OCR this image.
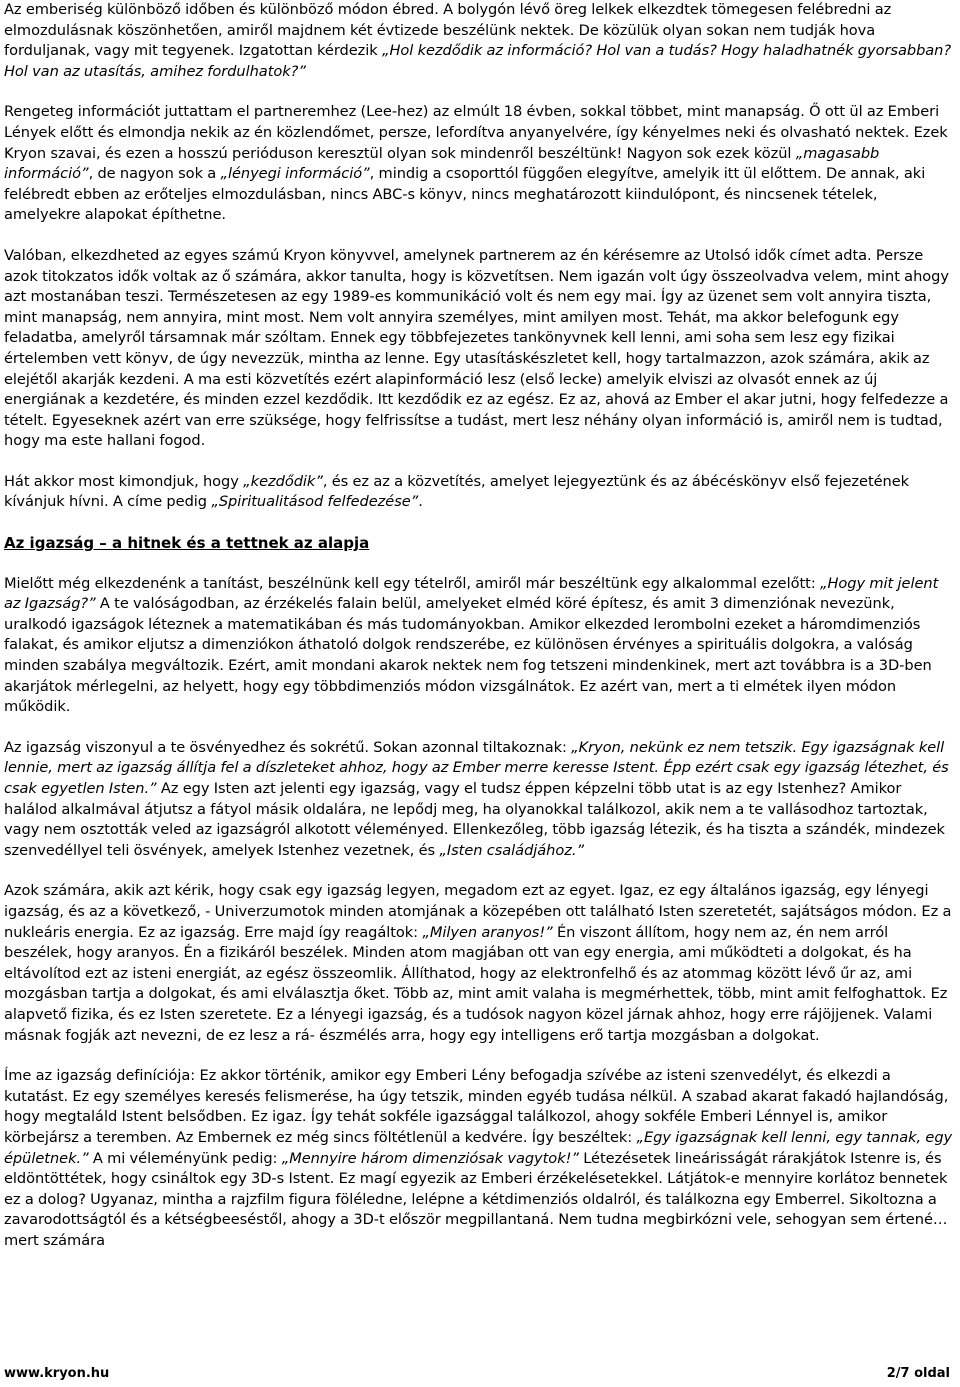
Az emberiség különböző időben és különböző módon ébred. A bolygón lévő öreg lelkek elkezdtek tömegesen felébredni az elmozdulásnak köszönhetően, amiről majdnem két évtizede beszélünk nektek. De közülük olyan sokan nem tudják hova forduljanak, vagy mit tegyenek. Izgatottan kérdezik „Hol kezdődik az információ? Hol van a tudás? Hogy haladhatnék gyorsabban? Hol van az utasítás, amihez fordulhatok?”

Rengeteg információt juttattam el partneremhez (Lee-hez) az elmúlt 18 évben, sokkal többet, mint manapság. Ő ott ül az Emberi Lények előtt és elmondja nekik az én közlendőmet, persze, lefordítva anyanyelvére, így kényelmes neki és olvasható nektek. Ezek Kryon szavai, és ezen a hosszú perióduson keresztül olyan sok mindenről beszéltünk! Nagyon sok ezek közül „magasabb információ”, de nagyon sok a „lényegi információ”, mindig a csoporttól függően elegyítve, amelyik itt ül előttem. De annak, aki felébredt ebben az erőteljes elmozdulásban, nincs ABC-s könyv, nincs meghatározott kiindulópont, és nincsenek tételek, amelyekre alapokat építhetne.

Valóban, elkezdheted az egyes számú Kryon könyvvel, amelynek partnerem az én kérésemre az Utolsó idők címet adta. Persze azok titokzatos idők voltak az ő számára, akkor tanulta, hogy is közvetítsen. Nem igazán volt úgy összeolvadva velem, mint ahogy azt mostanában teszi. Természetesen az egy 1989-es kommunikáció volt és nem egy mai. Így az üzenet sem volt annyira tiszta, mint manapság, nem annyira, mint most. Nem volt annyira személyes, mint amilyen most. Tehát, ma akkor belefogunk egy feladatba, amelyről társamnak már szóltam. Ennek egy többfejezetes tankönyvnek kell lenni, ami soha sem lesz egy fizikai értelemben vett könyv, de úgy nevezzük, mintha az lenne. Egy utasításkészletet kell, hogy tartalmazzon, azok számára, akik az elejétől akarják kezdeni. A ma esti közvetítés ezért alapinformáció lesz (első lecke) amelyik elviszi az olvasót ennek az új energiának a kezdetére, és minden ezzel kezdődik. Itt kezdődik ez az egész. Ez az, ahová az Ember el akar jutni, hogy felfedezze a tételt. Egyeseknek azért van erre szüksége, hogy felfrissítse a tudást, mert lesz néhány olyan információ is, amiről nem is tudtad, hogy ma este hallani fogod.

Hát akkor most kimondjuk, hogy „kezdődik”, és ez az a közvetítés, amelyet lejegyeztünk és az ábécéskönyv első fejezetének kívánjuk hívni. A címe pedig „Spiritualitásod felfedezése”.

Az igazság – a hitnek és a tettnek az alapja

Mielőtt még elkezdenénk a tanítást, beszélnünk kell egy tételről, amiről már beszéltünk egy alkalommal ezelőtt: „Hogy mit jelent az Igazság?” A te valóságodban, az érzékelés falain belül, amelyeket elméd köré építesz, és amit 3 dimenziónak nevezünk, uralkodó igazságok léteznek a matematikában és más tudományokban. Amikor elkezded lerombolni ezeket a háromdimenziós falakat, és amikor eljutsz a dimenziókon áthatoló dolgok rendszerébe, ez különösen érvényes a spirituális dolgokra, a valóság minden szabálya megváltozik. Ezért, amit mondani akarok nektek nem fog tetszeni mindenkinek, mert azt továbbra is a 3D-ben akarjátok mérlegelni, az helyett, hogy egy többdimenziós módon vizsgálnátok. Ez azért van, mert a ti elmétek ilyen módon működik.

Az igazság viszonyul a te ösvényedhez és sokrétű. Sokan azonnal tiltakoznak: „Kryon, nekünk ez nem tetszik. Egy igazságnak kell lennie, mert az igazság állítja fel a díszleteket ahhoz, hogy az Ember merre keresse Istent. Épp ezért csak egy igazság létezhet, és csak egyetlen Isten.” Az egy Isten azt jelenti egy igazság, vagy el tudsz éppen képzelni több utat is az egy Istenhez? Amikor halálod alkalmával átjutsz a fátyol másik oldalára, ne lepődj meg, ha olyanokkal találkozol, akik nem a te vallásodhoz tartoztak, vagy nem osztották veled az igazságról alkotott véleményed. Ellenkezőleg, több igazság létezik, és ha tiszta a szándék, mindezek szenvedéllyel teli ösvények, amelyek Istenhez vezetnek, és „Isten családjához.”

Azok számára, akik azt kérik, hogy csak egy igazság legyen, megadom ezt az egyet. Igaz, ez egy általános igazság, egy lényegi igazság, és az a következő, - Univerzumotok minden atomjának a közepében ott található Isten szeretetét, sajátságos módon. Ez a nukleáris energia. Ez az igazság. Erre majd így reagáltok: „Milyen aranyos!” Én viszont állítom, hogy nem az, én nem arról beszélek, hogy aranyos. Én a fizikáról beszélek. Minden atom magjában ott van egy energia, ami működteti a dolgokat, és ha eltávolítod ezt az isteni energiát, az egész összeomlik. Állíthatod, hogy az elektronfelhő és az atommag között lévő űr az, ami mozgásban tartja a dolgokat, és ami elválasztja őket. Több az, mint amit valaha is megmérhettek, több, mint amit felfoghattok. Ez alapvető fizika, és ez Isten szeretete. Ez a lényegi igazság, és a tudósok nagyon közel járnak ahhoz, hogy erre rájöjjenek. Valami másnak fogják azt nevezni, de ez lesz a rá- észmélés arra, hogy egy intelligens erő tartja mozgásban a dolgokat.

Íme az igazság definíciója: Ez akkor történik, amikor egy Emberi Lény befogadja szívébe az isteni szenvedélyt, és elkezdi a kutatást. Ez egy személyes keresés felismerése, ha úgy tetszik, minden egyéb tudása nélkül. A szabad akarat fakadó hajlandóság, hogy megtaláld Istent belsődben. Ez igaz. Így tehát sokféle igazsággal találkozol, ahogy sokféle Emberi Lénnyel is, amikor körbejársz a teremben. Az Embernek ez még sincs föltétlenül a kedvére. Így beszéltek: „Egy igazságnak kell lenni, egy tannak, egy épületnek.” A mi véleményünk pedig: „Mennyire három dimenziósak vagytok!” Létezésetek lineárisságát rárakjátok Istenre is, és eldöntöttétek, hogy csináltok egy 3D-s Istent. Ez magí egyezik az Emberi érzékelésetekkel. Látjátok-e mennyire korlátoz bennetek ez a dolog? Ugyanaz, mintha a rajzfilm figura föléledne, lelépne a kétdimenziós oldalról, és találkozna egy Emberrel. Sikoltozna a zavarodottságtól és a kétségbeeséstől, ahogy a 3D-t először megpillantaná. Nem tudna megbirkózni vele, sehogyan sem értené… mert számára

www.kryon.hu	2/7 oldal
